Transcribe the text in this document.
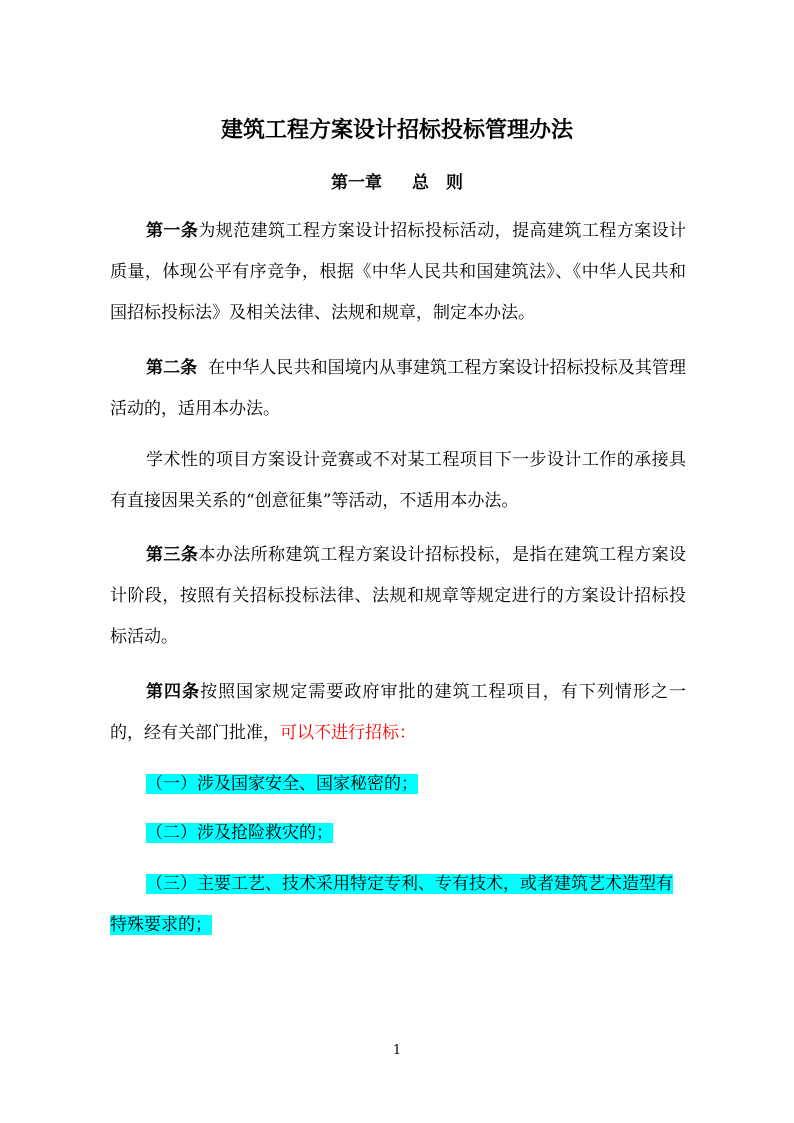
建筑工程方案设计招标投标管理办法
第一章 总　则
第一条为规范建筑工程方案设计招标投标活动，提高建筑工程方案设计质量，体现公平有序竞争，根据《中华人民共和国建筑法》、《中华人民共和国招标投标法》及相关法律、法规和规章，制定本办法。
第二条  在中华人民共和国境内从事建筑工程方案设计招标投标及其管理活动的，适用本办法。
学术性的项目方案设计竞赛或不对某工程项目下一步设计工作的承接具有直接因果关系的“创意征集”等活动，不适用本办法。
第三条本办法所称建筑工程方案设计招标投标，是指在建筑工程方案设计阶段，按照有关招标投标法律、法规和规章等规定进行的方案设计招标投标活动。
第四条按照国家规定需要政府审批的建筑工程项目，有下列情形之一的，经有关部门批准，可以不进行招标：
（一）涉及国家安全、国家秘密的；
（二）涉及抢险救灾的；
（三）主要工艺、技术采用特定专利、专有技术，或者建筑艺术造型有特殊要求的；
1
